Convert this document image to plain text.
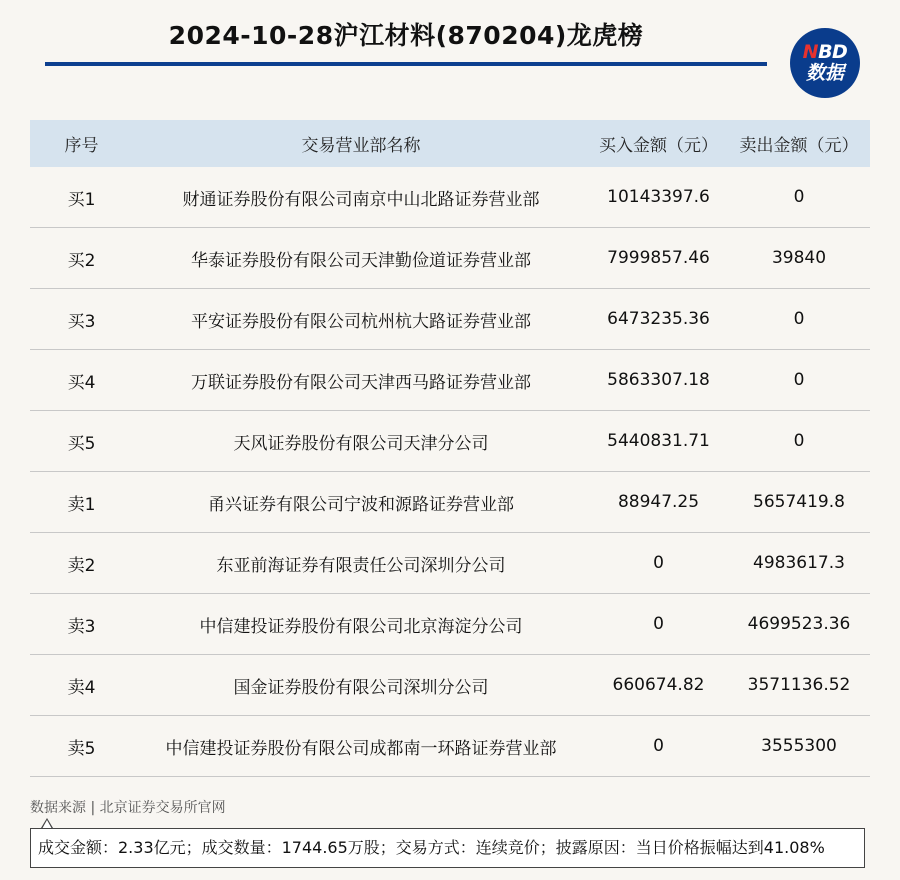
2024-10-28沪江材料(870204)龙虎榜
NBD
数据
序号	交易营业部名称	买入金额（元）	卖出金额（元）
买1	财通证券股份有限公司南京中山北路证券营业部	10143397.6	0
买2	华泰证券股份有限公司天津勤俭道证券营业部	7999857.46	39840
买3	平安证券股份有限公司杭州杭大路证券营业部	6473235.36	0
买4	万联证券股份有限公司天津西马路证券营业部	5863307.18	0
买5	天风证券股份有限公司天津分公司	5440831.71	0
卖1	甬兴证券有限公司宁波和源路证券营业部	88947.25	5657419.8
卖2	东亚前海证券有限责任公司深圳分公司	0	4983617.3
卖3	中信建投证券股份有限公司北京海淀分公司	0	4699523.36
卖4	国金证券股份有限公司深圳分公司	660674.82	3571136.52
卖5	中信建投证券股份有限公司成都南一环路证券营业部	0	3555300
数据来源 | 北京证券交易所官网
成交金额：2.33亿元；成交数量：1744.65万股；交易方式：连续竞价；披露原因：当日价格振幅达到41.08%
